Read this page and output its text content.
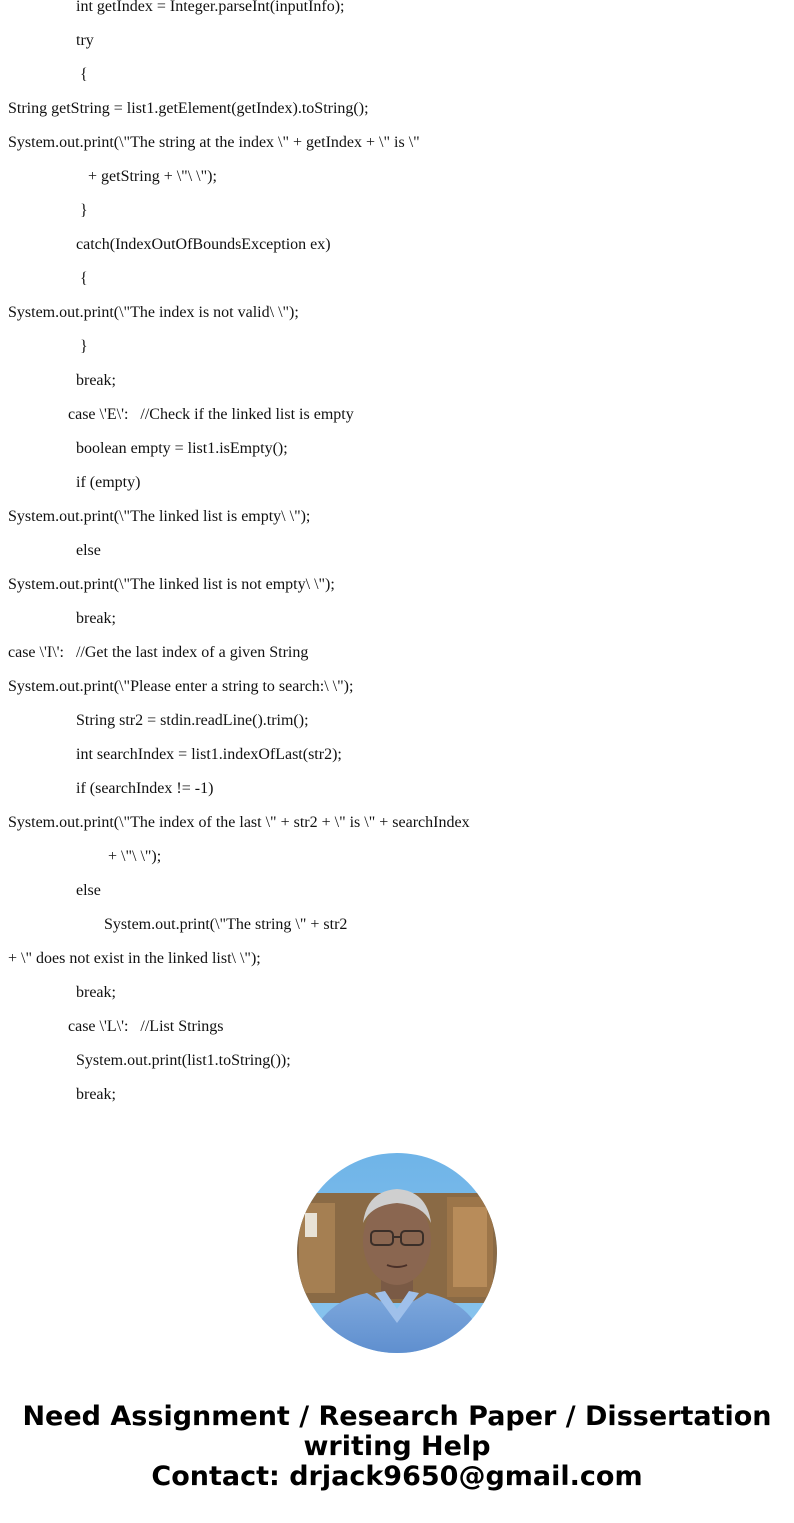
int getIndex = Integer.parseInt(inputInfo);
try
{
String getString = list1.getElement(getIndex).toString();
System.out.print(\"The string at the index \" + getIndex + \" is \"
+ getString + \"\ \");
}
catch(IndexOutOfBoundsException ex)
{
System.out.print(\"The index is not valid\ \");
}
break;
case \'E\':   //Check if the linked list is empty
boolean empty = list1.isEmpty();
if (empty)
System.out.print(\"The linked list is empty\ \");
else
System.out.print(\"The linked list is not empty\ \");
break;
case \'I\':   //Get the last index of a given String
System.out.print(\"Please enter a string to search:\ \");
String str2 = stdin.readLine().trim();
int searchIndex = list1.indexOfLast(str2);
if (searchIndex != -1)
System.out.print(\"The index of the last \" + str2 + \" is \" + searchIndex
+ \"\ \");
else
System.out.print(\"The string \" + str2
+ \" does not exist in the linked list\ \");
break;
case \'L\':   //List Strings
System.out.print(list1.toString());
break;
Need Assignment / Research Paper / Dissertation
writing Help
Contact: drjack9650@gmail.com
